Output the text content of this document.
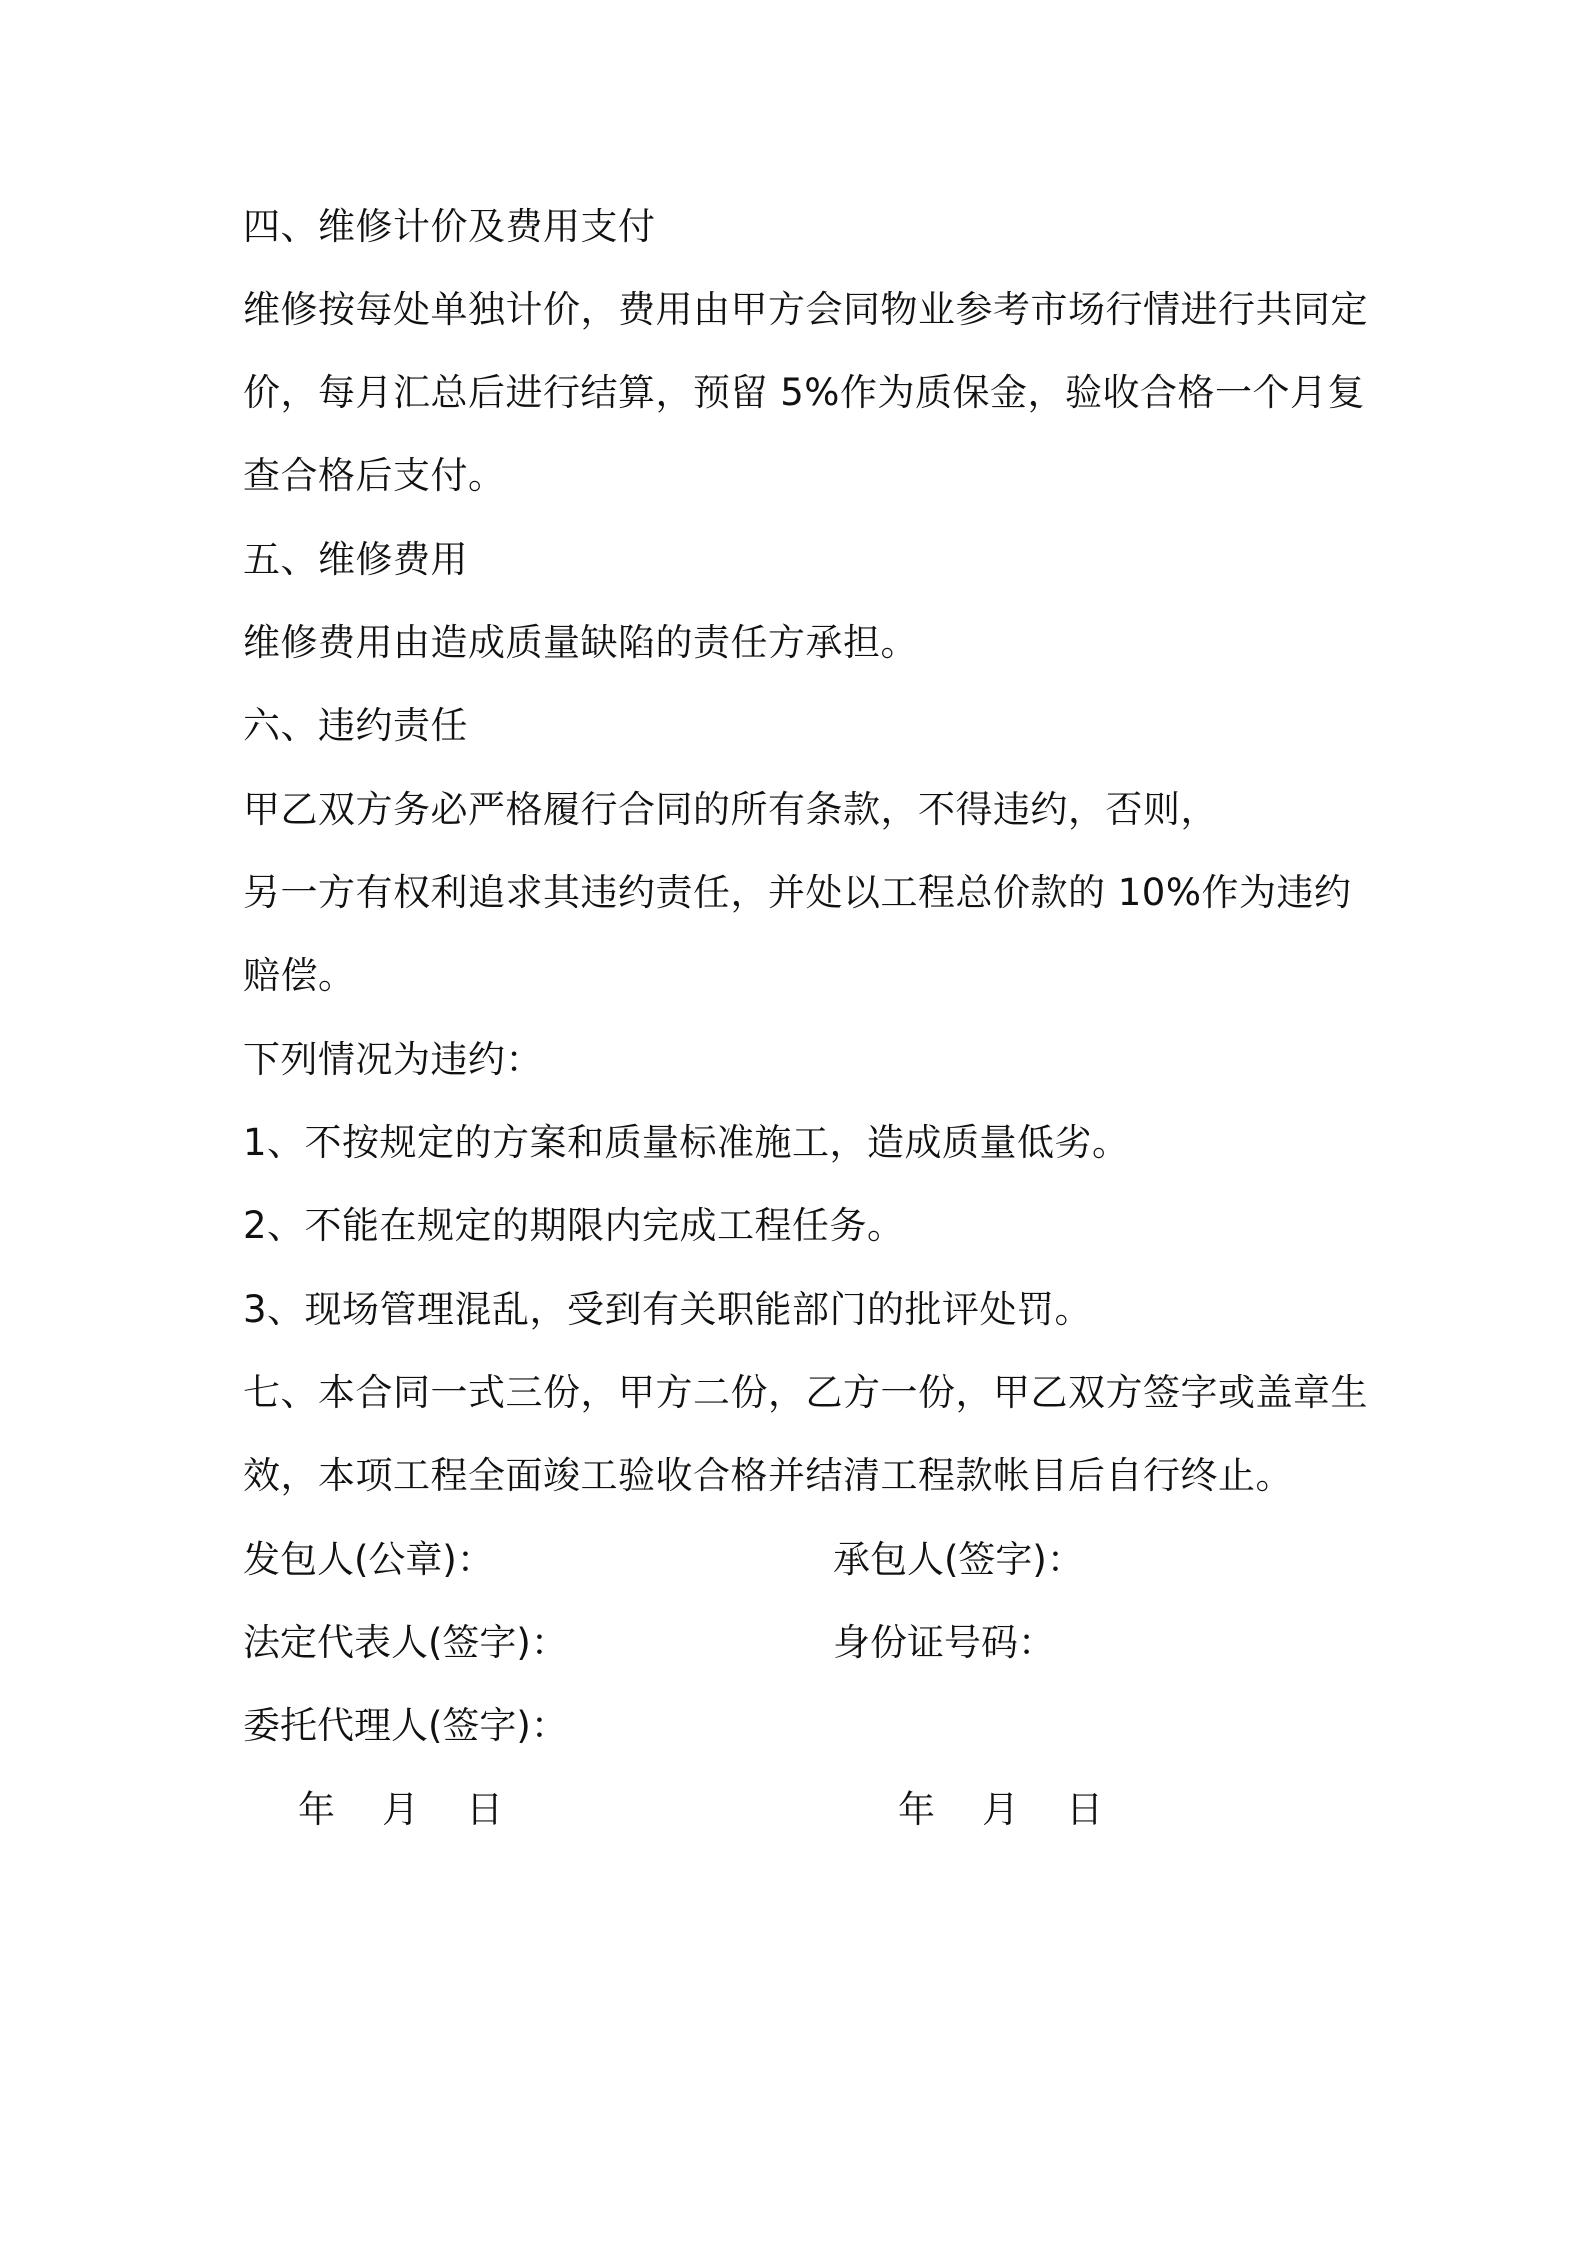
四、维修计价及费用支付
维修按每处单独计价，费用由甲方会同物业参考市场行情进行共同定
价，每月汇总后进行结算，预留 5%作为质保金，验收合格一个月复
查合格后支付。
五、维修费用
维修费用由造成质量缺陷的责任方承担。
六、违约责任
甲乙双方务必严格履行合同的所有条款，不得违约，否则，
另一方有权利追求其违约责任，并处以工程总价款的 10%作为违约
赔偿。
下列情况为违约：
1、不按规定的方案和质量标准施工，造成质量低劣。
2、不能在规定的期限内完成工程任务。
3、现场管理混乱，受到有关职能部门的批评处罚。
七、本合同一式三份，甲方二份，乙方一份，甲乙双方签字或盖章生
效，本项工程全面竣工验收合格并结清工程款帐目后自行终止。
发包人(公章)：	承包人(签字)：
法定代表人(签字)：	身份证号码：
委托代理人(签字)：
年    月    日	年    月    日
